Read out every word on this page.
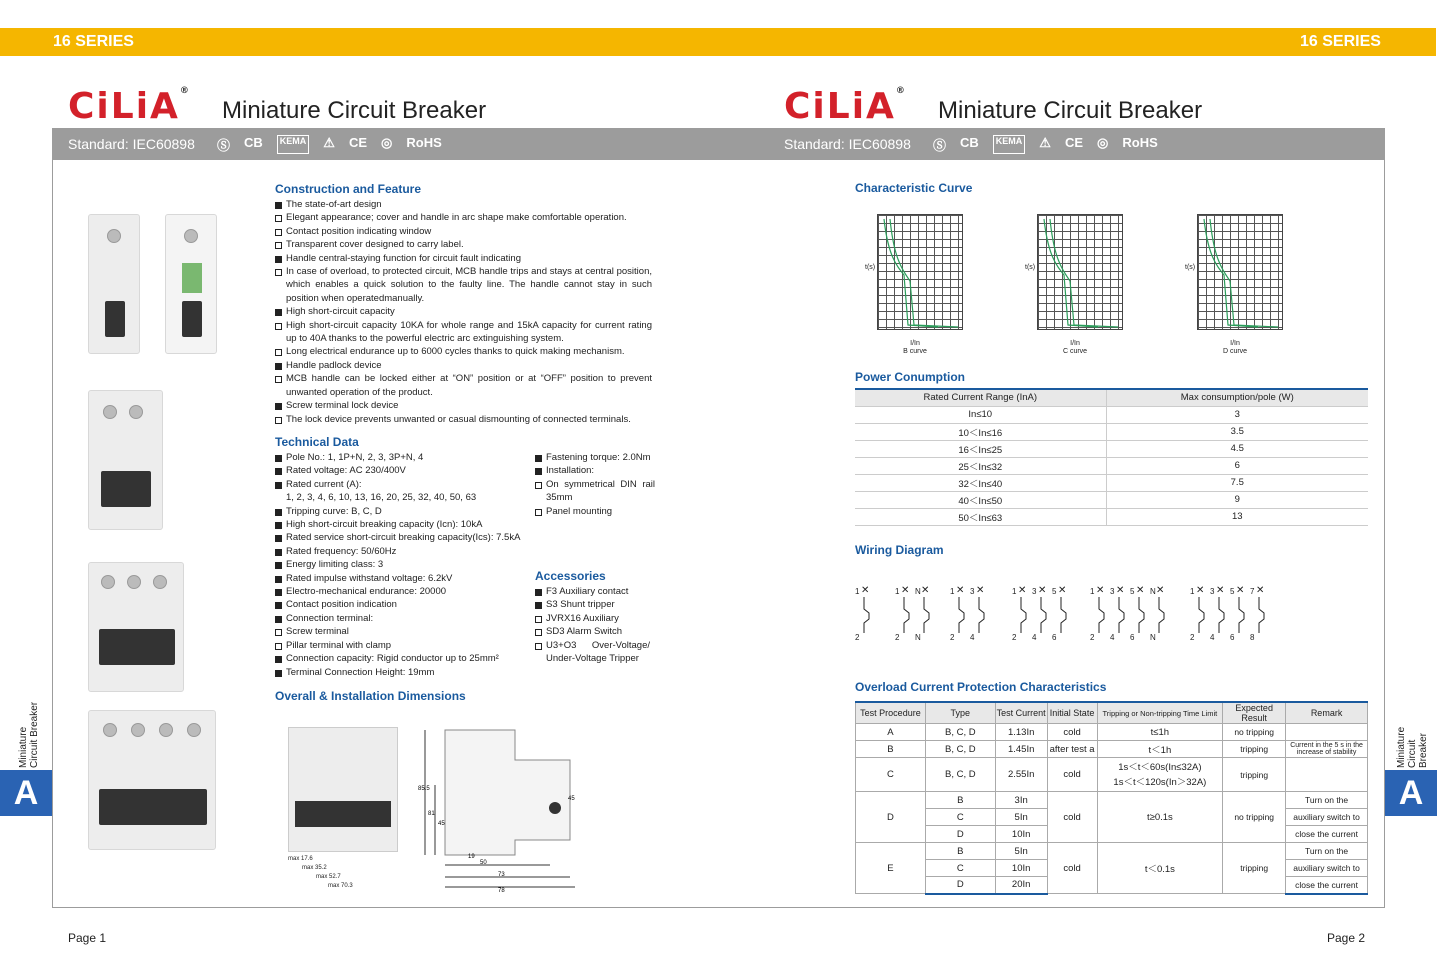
16 SERIES	16 SERIES
CiLiA®
Miniature Circuit Breaker	CiLiA®
Miniature Circuit Breaker
Standard: IEC60898 Ⓢ CB	KEMA ⚠ CE ◎ RoHS	Standard: IEC60898 Ⓢ CB	KEMA ⚠ CE ◎ RoHS
A
Miniature Circuit Breaker
A
Miniature Circuit Breaker
Construction and Feature
The state-of-art design
Elegant appearance; cover and handle in arc shape make comfortable operation.
Contact position indicating window
Transparent cover designed to carry label.
Handle central-staying function for circuit fault indicating
In case of overload, to protected circuit, MCB handle trips and stays at central position, which enables a quick solution to the faulty line. The handle cannot stay in such position when operatedmanually.
High short-circuit capacity
High short-circuit capacity 10KA for whole range and 15kA capacity for current rating up to 40A thanks to the powerful electric arc extinguishing system.
Long electrical endurance up to 6000 cycles thanks to quick making mechanism.
Handle padlock device
MCB handle can be locked either at “ON” position or at “OFF” position to prevent unwanted operation of the product.
Screw terminal lock device
The lock device prevents unwanted or casual dismounting of connected terminals.
Technical Data
Pole No.: 1, 1P+N, 2, 3, 3P+N, 4
Rated voltage: AC 230/400V
Rated current (A):
1, 2, 3, 4, 6, 10, 13, 16, 20, 25, 32, 40, 50, 63
Tripping curve: B, C, D
High short-circuit breaking capacity (Icn): 10kA
Rated service short-circuit breaking capacity(Ics): 7.5kA
Rated frequency: 50/60Hz
Energy limiting class: 3
Rated impulse withstand voltage: 6.2kV
Electro-mechanical endurance: 20000
Contact position indication
Connection terminal:
Screw terminal
Pillar terminal with clamp
Connection capacity: Rigid conductor up to 25mm²
Terminal Connection Height: 19mm
Fastening torque: 2.0Nm
Installation:
On symmetrical DIN rail 35mm
Panel mounting
Accessories
F3 Auxiliary contact
S3 Shunt tripper
JVRX16 Auxiliary
SD3 Alarm Switch
U3+O3 Over-Voltage/ Under-Voltage Tripper
Overall & Installation Dimensions
max 17.6
max 35.2
max 52.7
max 70.3
85.5
81
45
45
19
50
73
78
Characteristic Curve
t(s)
I/In
B curve
t(s)
I/In
C curve
t(s)
I/In
D curve
Power Conumption
Rated Current Range (InA)	Max consumption/pole (W)
In≤10	3
10＜In≤16	3.5
16＜In≤25	4.5
25＜In≤32	6
32＜In≤40	7.5
40＜In≤50	9
50＜In≤63	13
Wiring Diagram
1 ✕
2
1 ✕ N ✕
2 N
1 ✕ 3 ✕
2 4
1 ✕ 3 ✕ 5 ✕
2 4 6
1 ✕ 3 ✕ 5 ✕ N ✕
2 4 6 N
1 ✕ 3 ✕ 5 ✕ 7 ✕
2 4 6 8
Overload Current Protection Characteristics
Test Procedure	Type	Test Current	Initial State	Tripping or Non-tripping Time Limit	Expected Result	Remark
A	B, C, D	1.13In	cold	t≤1h	no tripping	
B	B, C, D	1.45In	after test a	t＜1h	tripping	Current in the 5 s in the increase of stability
C	B, C, D	2.55In	cold	1s＜t＜60s(In≤32A)
1s＜t＜120s(In＞32A)	tripping	
D	B	3In	cold	t≥0.1s	no tripping	Turn on the
	C	5In				auxiliary switch to
	D	10In				close the current
E	B	5In	cold	t＜0.1s	tripping	Turn on the
	C	10In				auxiliary switch to
	D	20In				close the current
Page 1	Page 2
